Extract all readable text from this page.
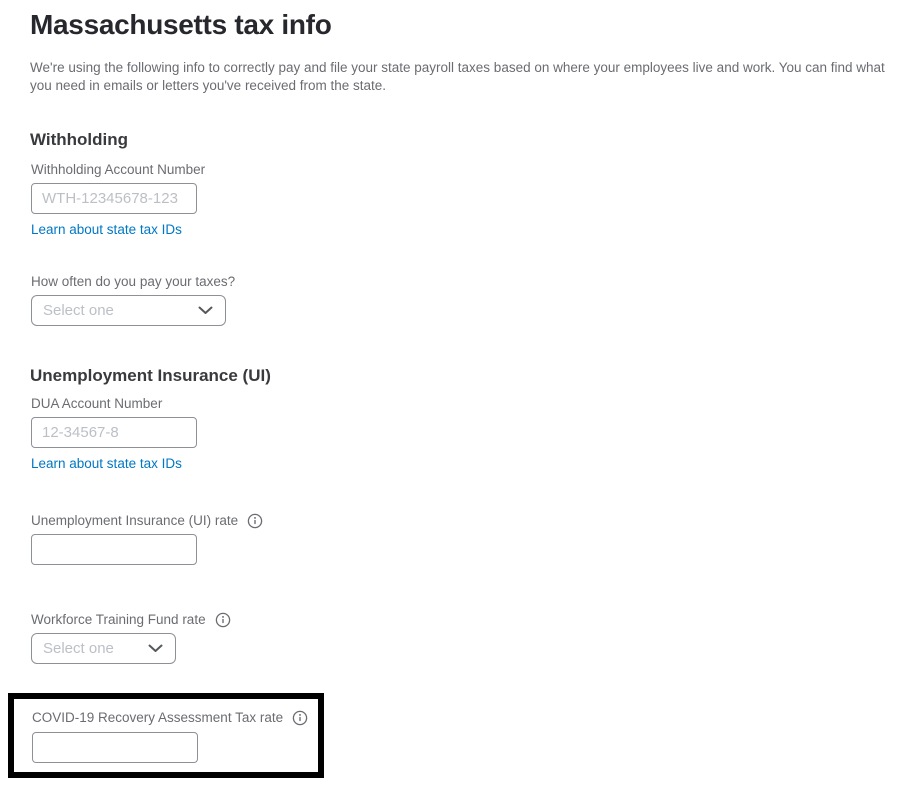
Massachusetts tax info

We're using the following info to correctly pay and file your state payroll taxes based on where your employees live and work. You can find what you need in emails or letters you've received from the state.

Withholding
Withholding Account Number
WTH-12345678-123 Learn about state tax IDs
How often do you pay your taxes?
Select one
Unemployment Insurance (UI)
DUA Account Number
12-34567-8 Learn about state tax IDs
Unemployment Insurance (UI) rate
Workforce Training Fund rate
Select one
COVID-19 Recovery Assessment Tax rate
